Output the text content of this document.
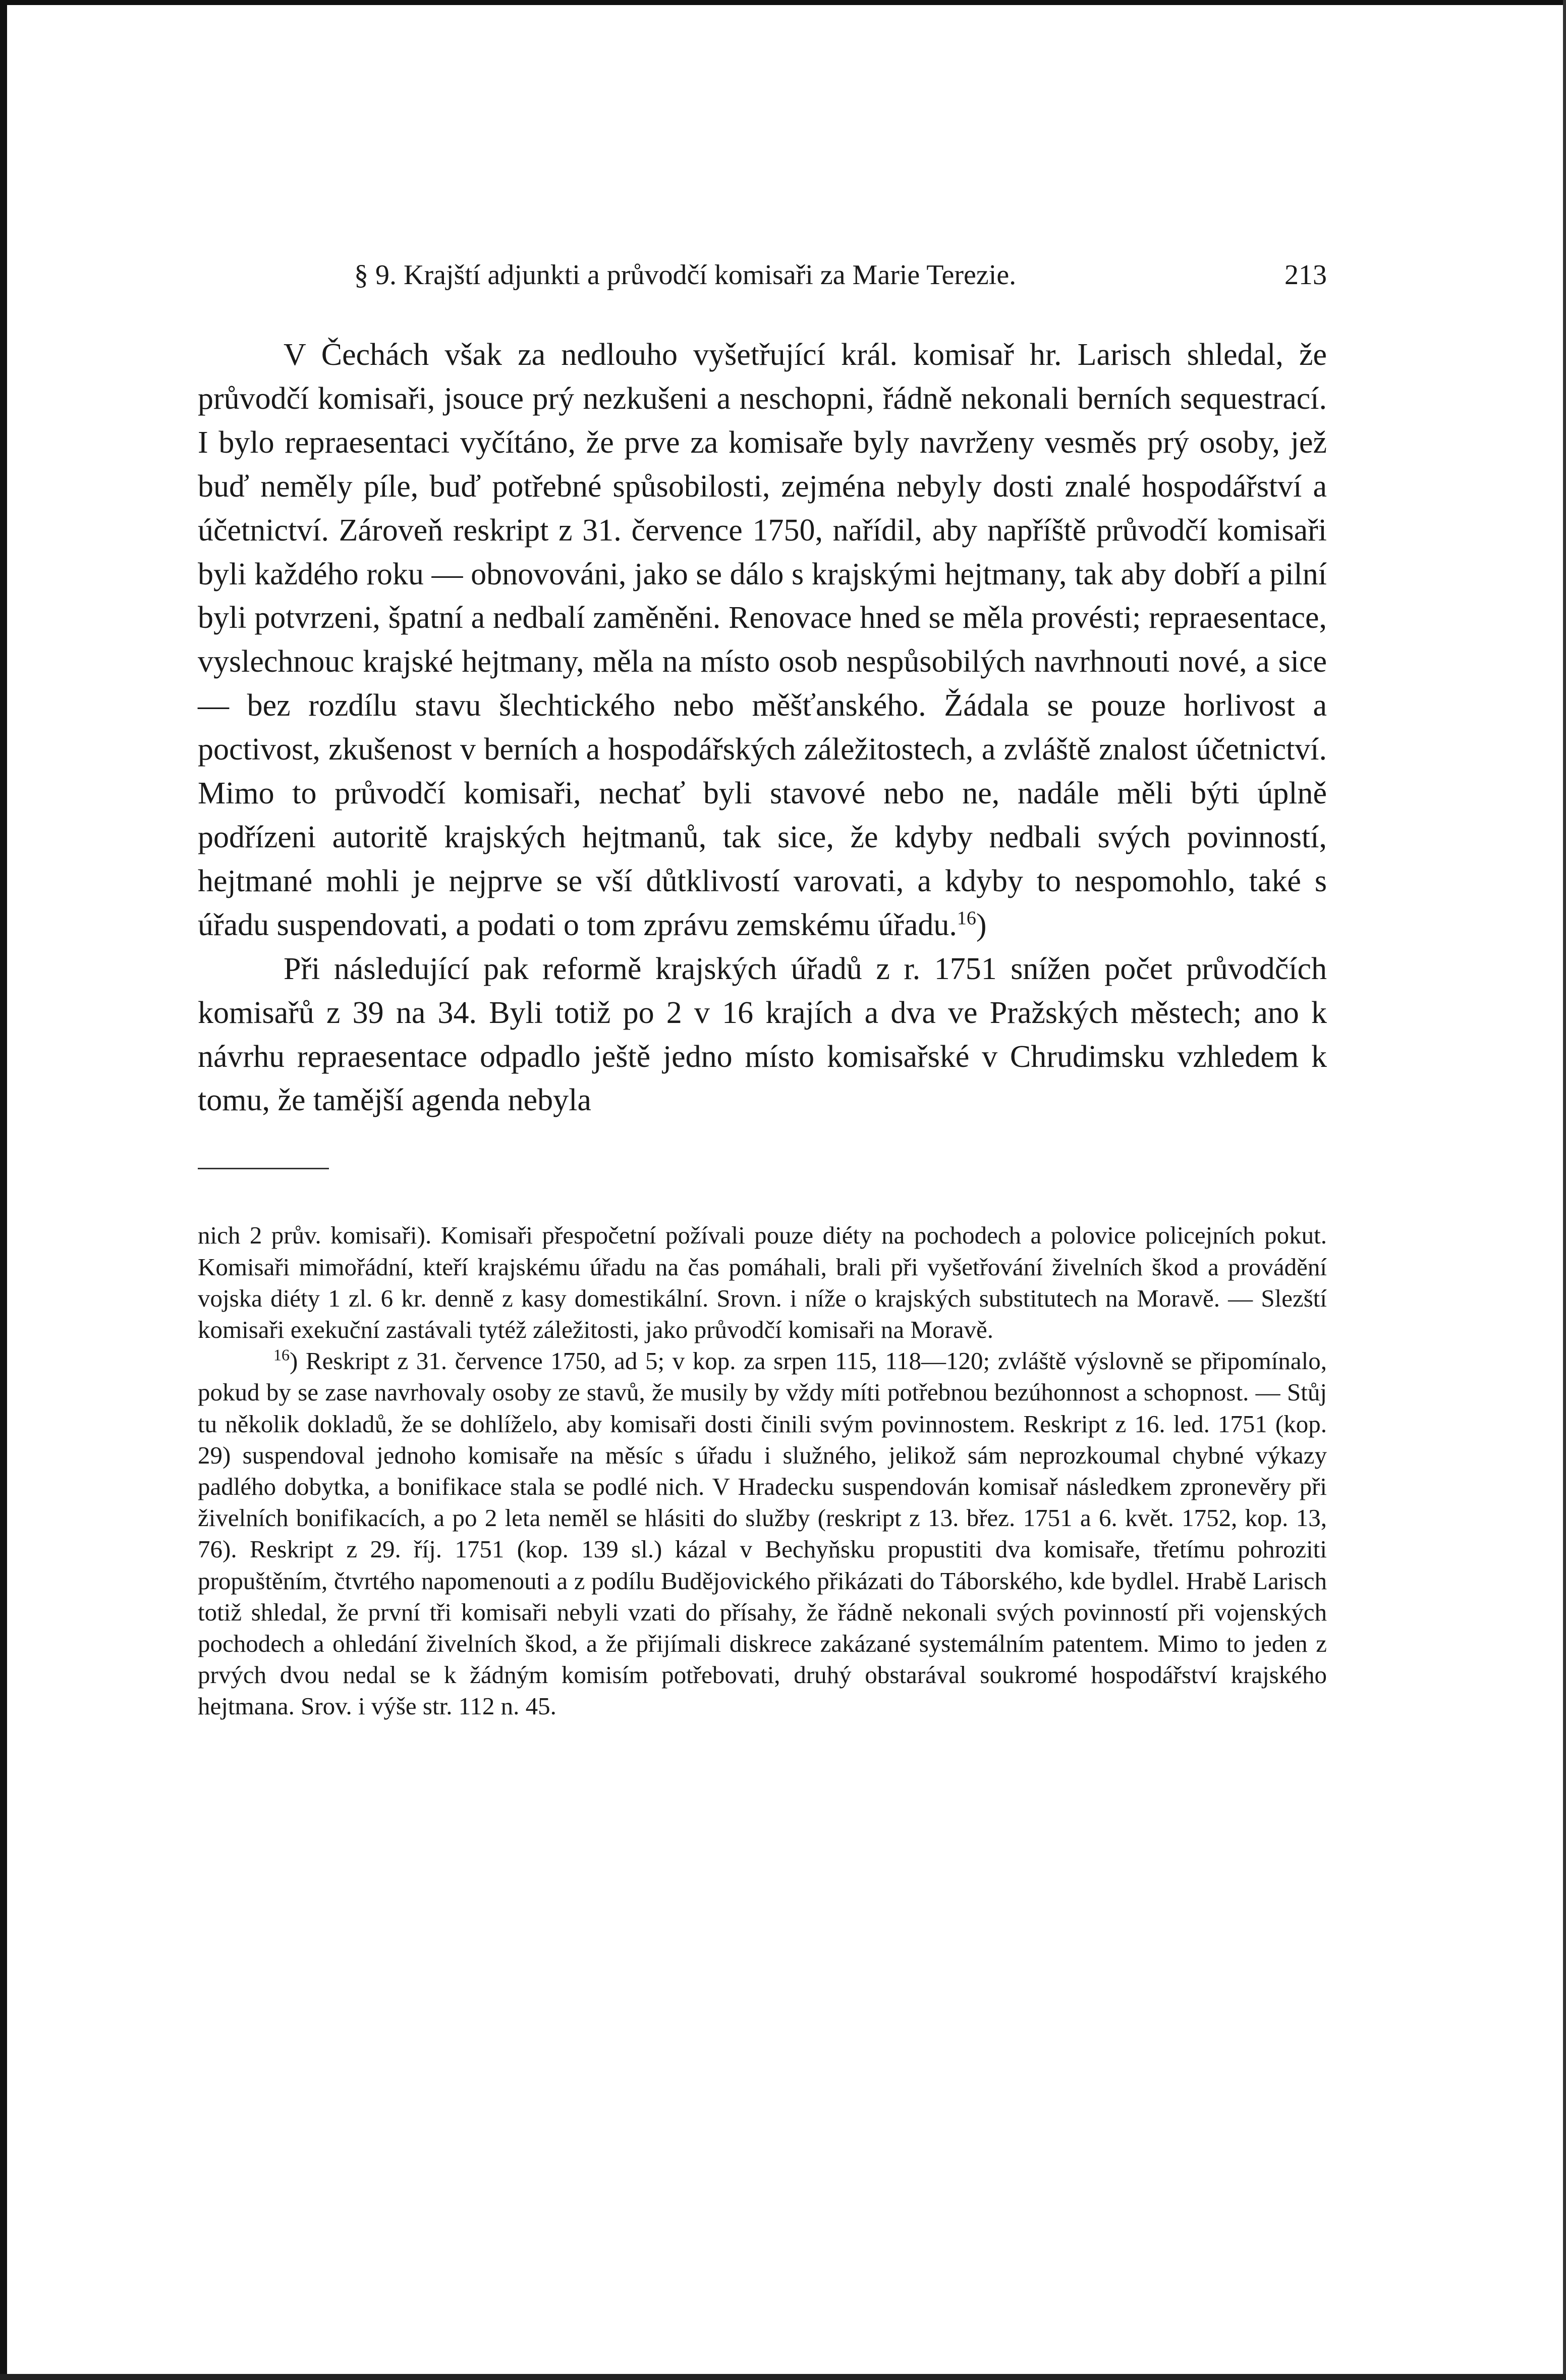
§ 9. Krajští adjunkti a průvodčí komisaři za Marie Terezie.	213

V Čechách však za nedlouho vyšetřující král. komisař hr. Larisch shledal, že průvodčí komisaři, jsouce prý nezkušeni a neschopni, řádně nekonali berních sequestrací. I bylo repraesentaci vyčítáno, že prve za komisaře byly navrženy vesměs prý osoby, jež buď neměly píle, buď potřebné spůsobilosti, zejména nebyly dosti znalé hospodářství a účetnictví. Zároveň reskript z 31. července 1750, nařídil, aby napříště průvodčí komisaři byli každého roku — obnovováni, jako se dálo s krajskými hejtmany, tak aby dobří a pilní byli potvrzeni, špatní a nedbalí zaměněni. Renovace hned se měla provésti; repraesentace, vyslechnouc krajské hejtmany, měla na místo osob nespůsobilých navrhnouti nové, a sice — bez rozdílu stavu šlechtického nebo měšťanského. Žádala se pouze horlivost a poctivost, zkušenost v berních a hospodářských záležitostech, a zvláště znalost účetnictví. Mimo to průvodčí komisaři, nechať byli stavové nebo ne, nadále měli býti úplně podřízeni autoritě krajských hejtmanů, tak sice, že kdyby nedbali svých povinností, hejtmané mohli je nejprve se vší důtklivostí varovati, a kdyby to nespomohlo, také s úřadu suspendovati, a podati o tom zprávu zemskému úřadu.$^{16}$)

Při následující pak reformě krajských úřadů z r. 1751 snížen počet průvodčích komisařů z 39 na 34. Byli totiž po 2 v 16 krajích a dva ve Pražských městech; ano k návrhu repraesentace odpadlo ještě jedno místo komisařské v Chrudimsku vzhledem k tomu, že tamější agenda nebyla

nich 2 prův. komisaři). Komisaři přespočetní požívali pouze diéty na pochodech a polovice policejních pokut. Komisaři mimořádní, kteří krajskému úřadu na čas pomáhali, brali při vyšetřování živelních škod a provádění vojska diéty 1 zl. 6 kr. denně z kasy domestikální. Srovn. i níže o krajských substitutech na Moravě. — Slezští komisaři exekuční zastávali tytéž záležitosti, jako průvodčí komisaři na Moravě.

$^{16}$) Reskript z 31. července 1750, ad 5; v kop. za srpen 115, 118—120; zvláště výslovně se připomínalo, pokud by se zase navrhovaly osoby ze stavů, že musily by vždy míti potřebnou bezúhonnost a schopnost. — Stůj tu několik dokladů, že se dohlíželo, aby komisaři dosti činili svým povinnostem. Reskript z 16. led. 1751 (kop. 29) suspendoval jednoho komisaře na měsíc s úřadu i služného, jelikož sám neprozkoumal chybné výkazy padlého dobytka, a bonifikace stala se podlé nich. V Hradecku suspendován komisař následkem zpronevěry při živelních bonifikacích, a po 2 leta neměl se hlásiti do služby (reskript z 13. břez. 1751 a 6. květ. 1752, kop. 13, 76). Reskript z 29. říj. 1751 (kop. 139 sl.) kázal v Bechyňsku propustiti dva komisaře, třetímu pohroziti propuštěním, čtvrtého napomenouti a z podílu Budějovického přikázati do Táborského, kde bydlel. Hrabě Larisch totiž shledal, že první tři komisaři nebyli vzati do přísahy, že řádně nekonali svých povinností při vojenských pochodech a ohledání živelních škod, a že přijímali diskrece zakázané systemálním patentem. Mimo to jeden z prvých dvou nedal se k žádným komisím potřebovati, druhý obstarával soukromé hospodářství krajského hejtmana. Srov. i výše str. 112 n. 45.
